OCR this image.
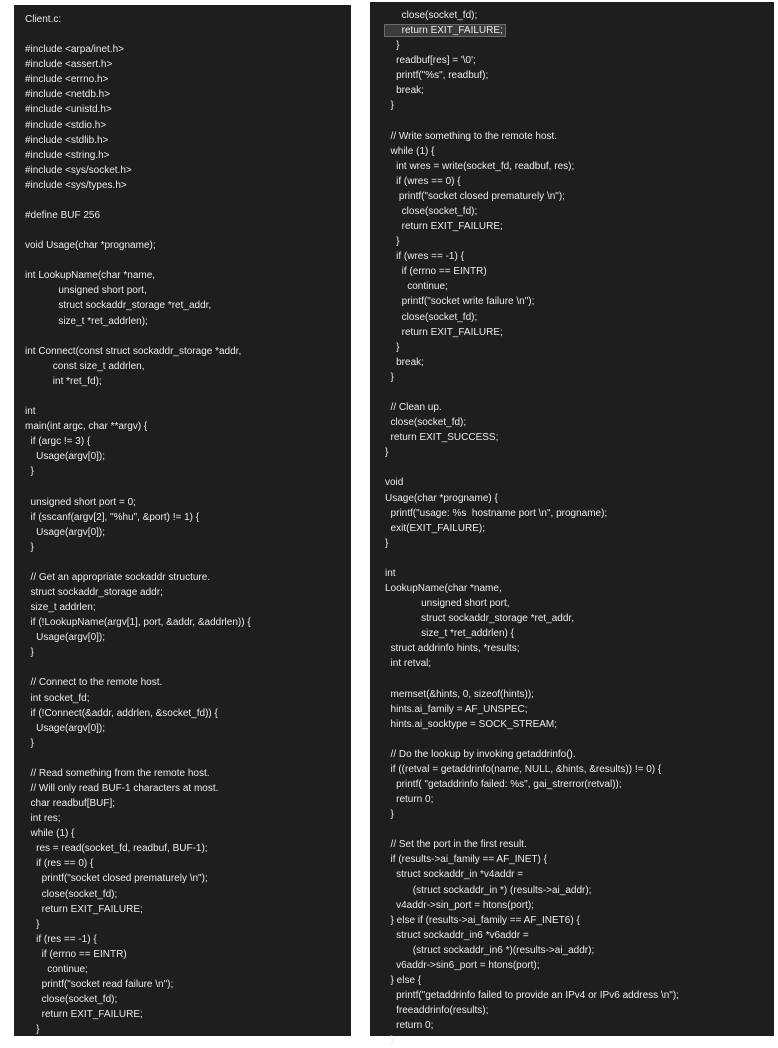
Client.c:
#include <arpa/inet.h>
#include <assert.h>
#include <errno.h>
#include <netdb.h>
#include <unistd.h>
#include <stdio.h>
#include <stdlib.h>
#include <string.h>
#include <sys/socket.h>
#include <sys/types.h>
#define BUF 256
void Usage(char *progname);
int LookupName(char *name,
unsigned short port,
struct sockaddr_storage *ret_addr,
size_t *ret_addrlen);
int Connect(const struct sockaddr_storage *addr,
const size_t addrlen,
int *ret_fd);
int
main(int argc, char **argv) {
if (argc != 3) {
Usage(argv[0]);
}
unsigned short port = 0;
if (sscanf(argv[2], "%hu", &port) != 1) {
Usage(argv[0]);
}
// Get an appropriate sockaddr structure.
struct sockaddr_storage addr;
size_t addrlen;
if (!LookupName(argv[1], port, &addr, &addrlen)) {
Usage(argv[0]);
}
// Connect to the remote host.
int socket_fd;
if (!Connect(&addr, addrlen, &socket_fd)) {
Usage(argv[0]);
}
// Read something from the remote host.
// Will only read BUF-1 characters at most.
char readbuf[BUF];
int res;
while (1) {
res = read(socket_fd, readbuf, BUF-1);
if (res == 0) {
printf("socket closed prematurely \n");
close(socket_fd);
return EXIT_FAILURE;
}
if (res == -1) {
if (errno == EINTR)
continue;
printf("socket read failure \n");
close(socket_fd);
return EXIT_FAILURE;
}
close(socket_fd);
return EXIT_FAILURE;
}
readbuf[res] = '\0';
printf("%s", readbuf);
break;
}
// Write something to the remote host.
while (1) {
int wres = write(socket_fd, readbuf, res);
if (wres == 0) {
printf("socket closed prematurely \n");
close(socket_fd);
return EXIT_FAILURE;
}
if (wres == -1) {
if (errno == EINTR)
continue;
printf("socket write failure \n");
close(socket_fd);
return EXIT_FAILURE;
}
break;
}
// Clean up.
close(socket_fd);
return EXIT_SUCCESS;
}
void
Usage(char *progname) {
printf("usage: %s  hostname port \n", progname);
exit(EXIT_FAILURE);
}
int
LookupName(char *name,
unsigned short port,
struct sockaddr_storage *ret_addr,
size_t *ret_addrlen) {
struct addrinfo hints, *results;
int retval;
memset(&hints, 0, sizeof(hints));
hints.ai_family = AF_UNSPEC;
hints.ai_socktype = SOCK_STREAM;
// Do the lookup by invoking getaddrinfo().
if ((retval = getaddrinfo(name, NULL, &hints, &results)) != 0) {
printf( "getaddrinfo failed: %s", gai_strerror(retval));
return 0;
}
// Set the port in the first result.
if (results->ai_family == AF_INET) {
struct sockaddr_in *v4addr =
(struct sockaddr_in *) (results->ai_addr);
v4addr->sin_port = htons(port);
} else if (results->ai_family == AF_INET6) {
struct sockaddr_in6 *v6addr =
(struct sockaddr_in6 *)(results->ai_addr);
v6addr->sin6_port = htons(port);
} else {
printf("getaddrinfo failed to provide an IPv4 or IPv6 address \n");
freeaddrinfo(results);
return 0;
}
